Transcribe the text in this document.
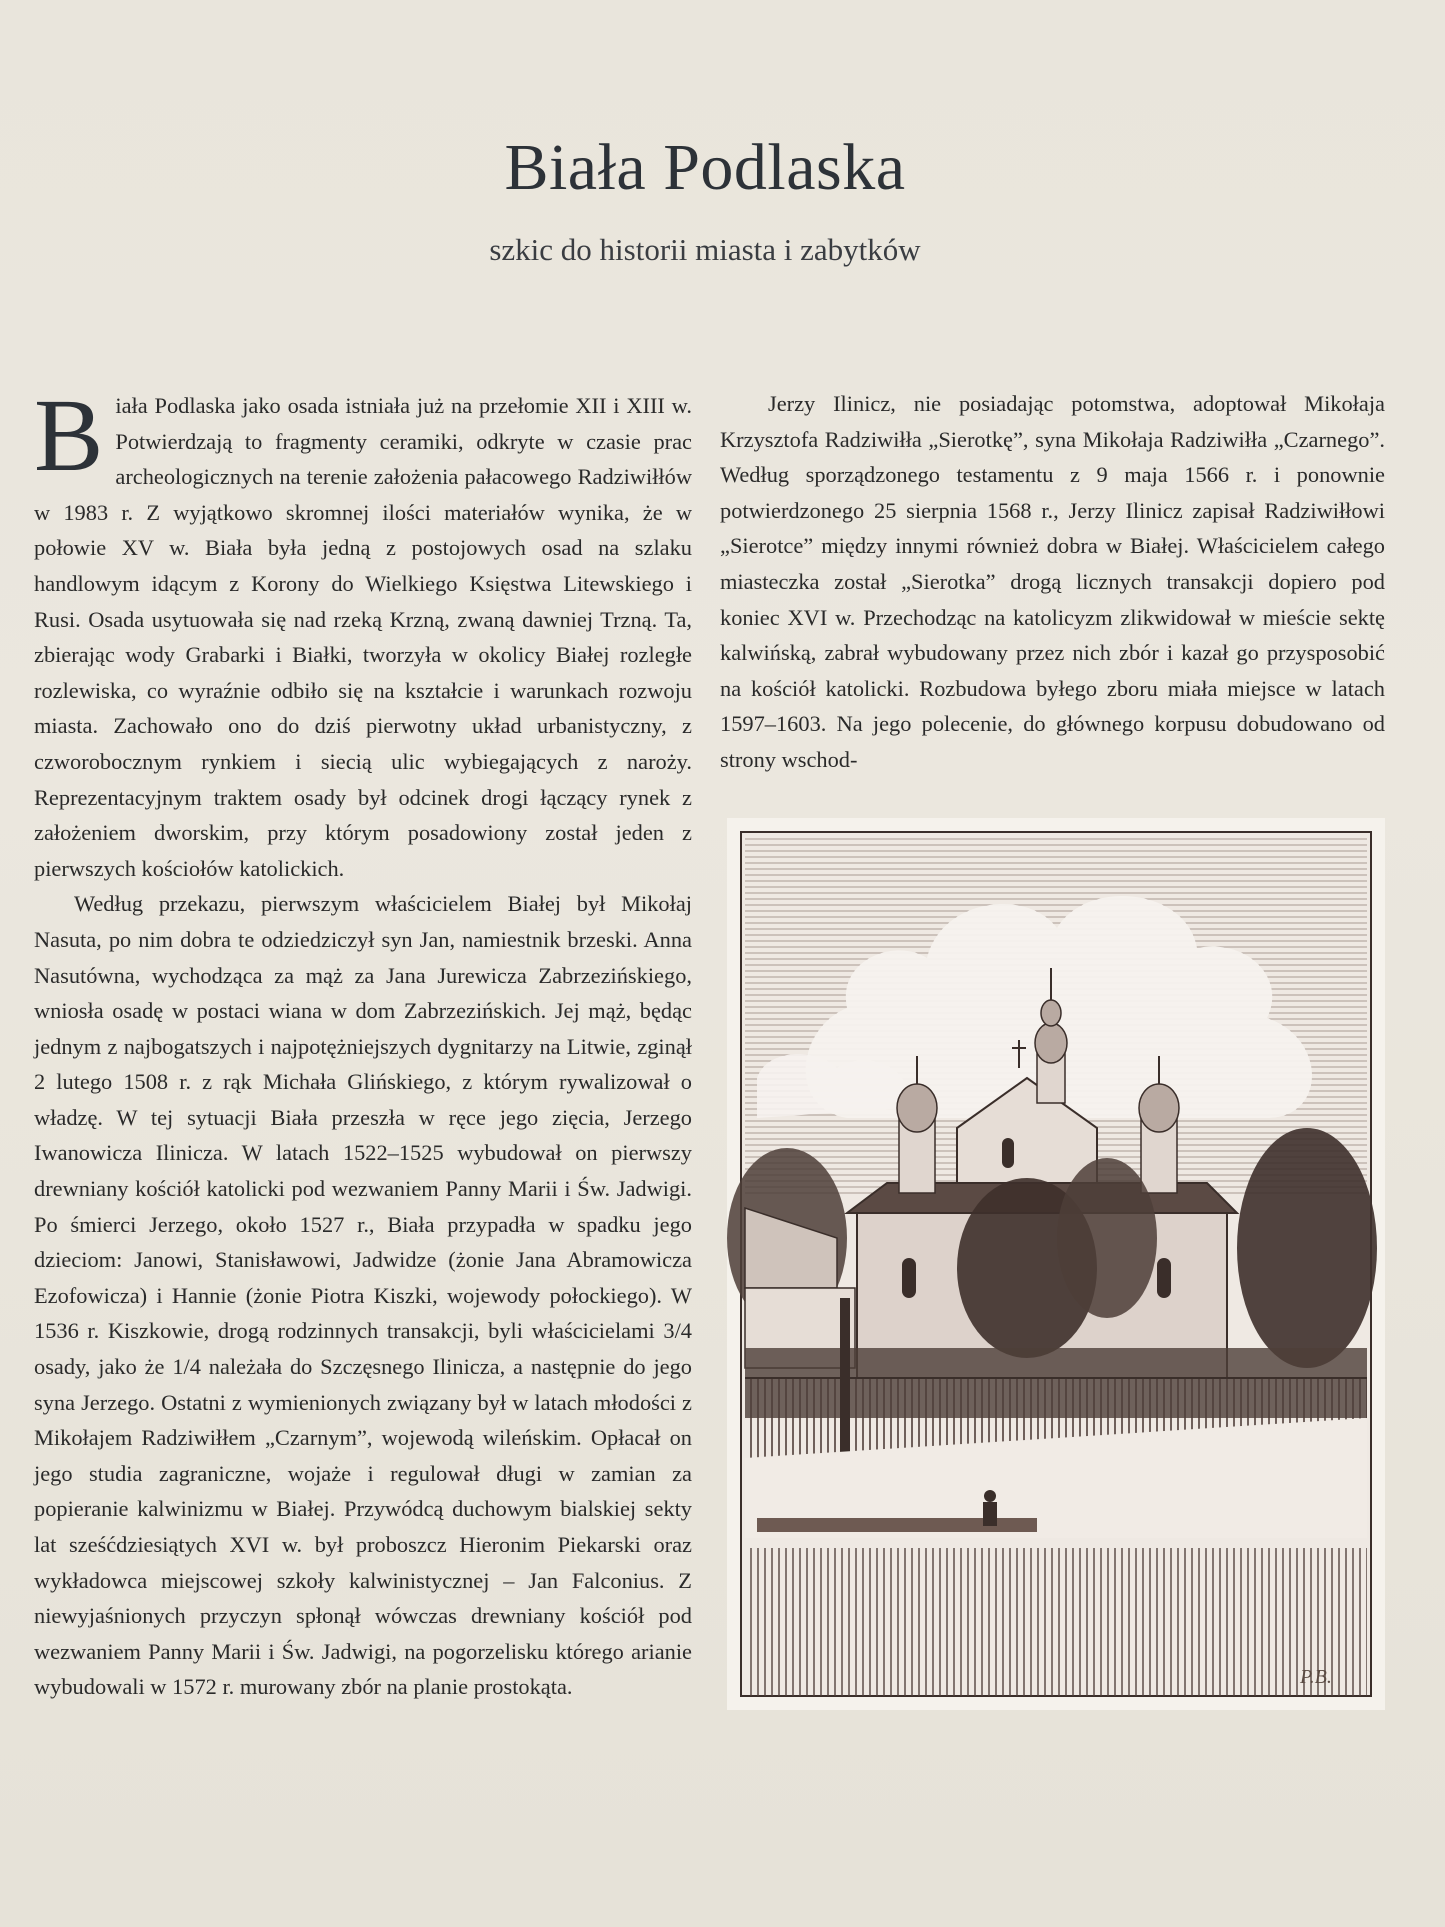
Biała Podlaska
szkic do historii miasta i zabytków

Biała Podlaska jako osada istniała już na przełomie XII i XIII w. Potwierdzają to fragmenty ceramiki, odkryte w czasie prac archeologicznych na terenie założenia pałacowego Radziwiłłów w 1983 r. Z wyjątkowo skromnej ilości materiałów wynika, że w połowie XV w. Biała była jedną z postojowych osad na szlaku handlowym idącym z Korony do Wielkiego Księstwa Litewskiego i Rusi. Osada usytuowała się nad rzeką Krzną, zwaną dawniej Trzną. Ta, zbierając wody Grabarki i Białki, tworzyła w okolicy Białej rozległe rozlewiska, co wyraźnie odbiło się na kształcie i warunkach rozwoju miasta. Zachowało ono do dziś pierwotny układ urbanistyczny, z czworobocznym rynkiem i siecią ulic wybiegających z naroży. Reprezentacyjnym traktem osady był odcinek drogi łączący rynek z założeniem dworskim, przy którym posadowiony został jeden z pierwszych kościołów katolickich.

Według przekazu, pierwszym właścicielem Białej był Mikołaj Nasuta, po nim dobra te odziedziczył syn Jan, namiestnik brzeski. Anna Nasutówna, wychodząca za mąż za Jana Jurewicza Zabrzezińskiego, wniosła osadę w postaci wiana w dom Zabrzezińskich. Jej mąż, będąc jednym z najbogatszych i najpotężniejszych dygnitarzy na Litwie, zginął 2 lutego 1508 r. z rąk Michała Glińskiego, z którym rywalizował o władzę. W tej sytuacji Biała przeszła w ręce jego zięcia, Jerzego Iwanowicza Ilinicza. W latach 1522–1525 wybudował on pierwszy drewniany kościół katolicki pod wezwaniem Panny Marii i Św. Jadwigi. Po śmierci Jerzego, około 1527 r., Biała przypadła w spadku jego dzieciom: Janowi, Stanisławowi, Jadwidze (żonie Jana Abramowicza Ezofowicza) i Hannie (żonie Piotra Kiszki, wojewody połockiego). W 1536 r. Kiszkowie, drogą rodzinnych transakcji, byli właścicielami 3/4 osady, jako że 1/4 należała do Szczęsnego Ilinicza, a następnie do jego syna Jerzego. Ostatni z wymienionych związany był w latach młodości z Mikołajem Radziwiłłem „Czarnym”, wojewodą wileńskim. Opłacał on jego studia zagraniczne, wojaże i regulował długi w zamian za popieranie kalwinizmu w Białej. Przywódcą duchowym bialskiej sekty lat sześćdziesiątych XVI w. był proboszcz Hieronim Piekarski oraz wykładowca miejscowej szkoły kalwinistycznej – Jan Falconius. Z niewyjaśnionych przyczyn spłonął wówczas drewniany kościół pod wezwaniem Panny Marii i Św. Jadwigi, na pogorzelisku którego arianie wybudowali w 1572 r. murowany zbór na planie prostokąta.

Jerzy Ilinicz, nie posiadając potomstwa, adoptował Mikołaja Krzysztofa Radziwiłła „Sierotkę”, syna Mikołaja Radziwiłła „Czarnego”. Według sporządzonego testamentu z 9 maja 1566 r. i ponownie potwierdzonego 25 sierpnia 1568 r., Jerzy Ilinicz zapisał Radziwiłłowi „Sierotce” między innymi również dobra w Białej. Właścicielem całego miasteczka został „Sierotka” drogą licznych transakcji dopiero pod koniec XVI w. Przechodząc na katolicyzm zlikwidował w mieście sektę kalwińską, zabrał wybudowany przez nich zbór i kazał go przysposobić na kościół katolicki. Rozbudowa byłego zboru miała miejsce w latach 1597–1603. Na jego polecenie, do głównego korpusu dobudowano od strony wschod-

P.B.
